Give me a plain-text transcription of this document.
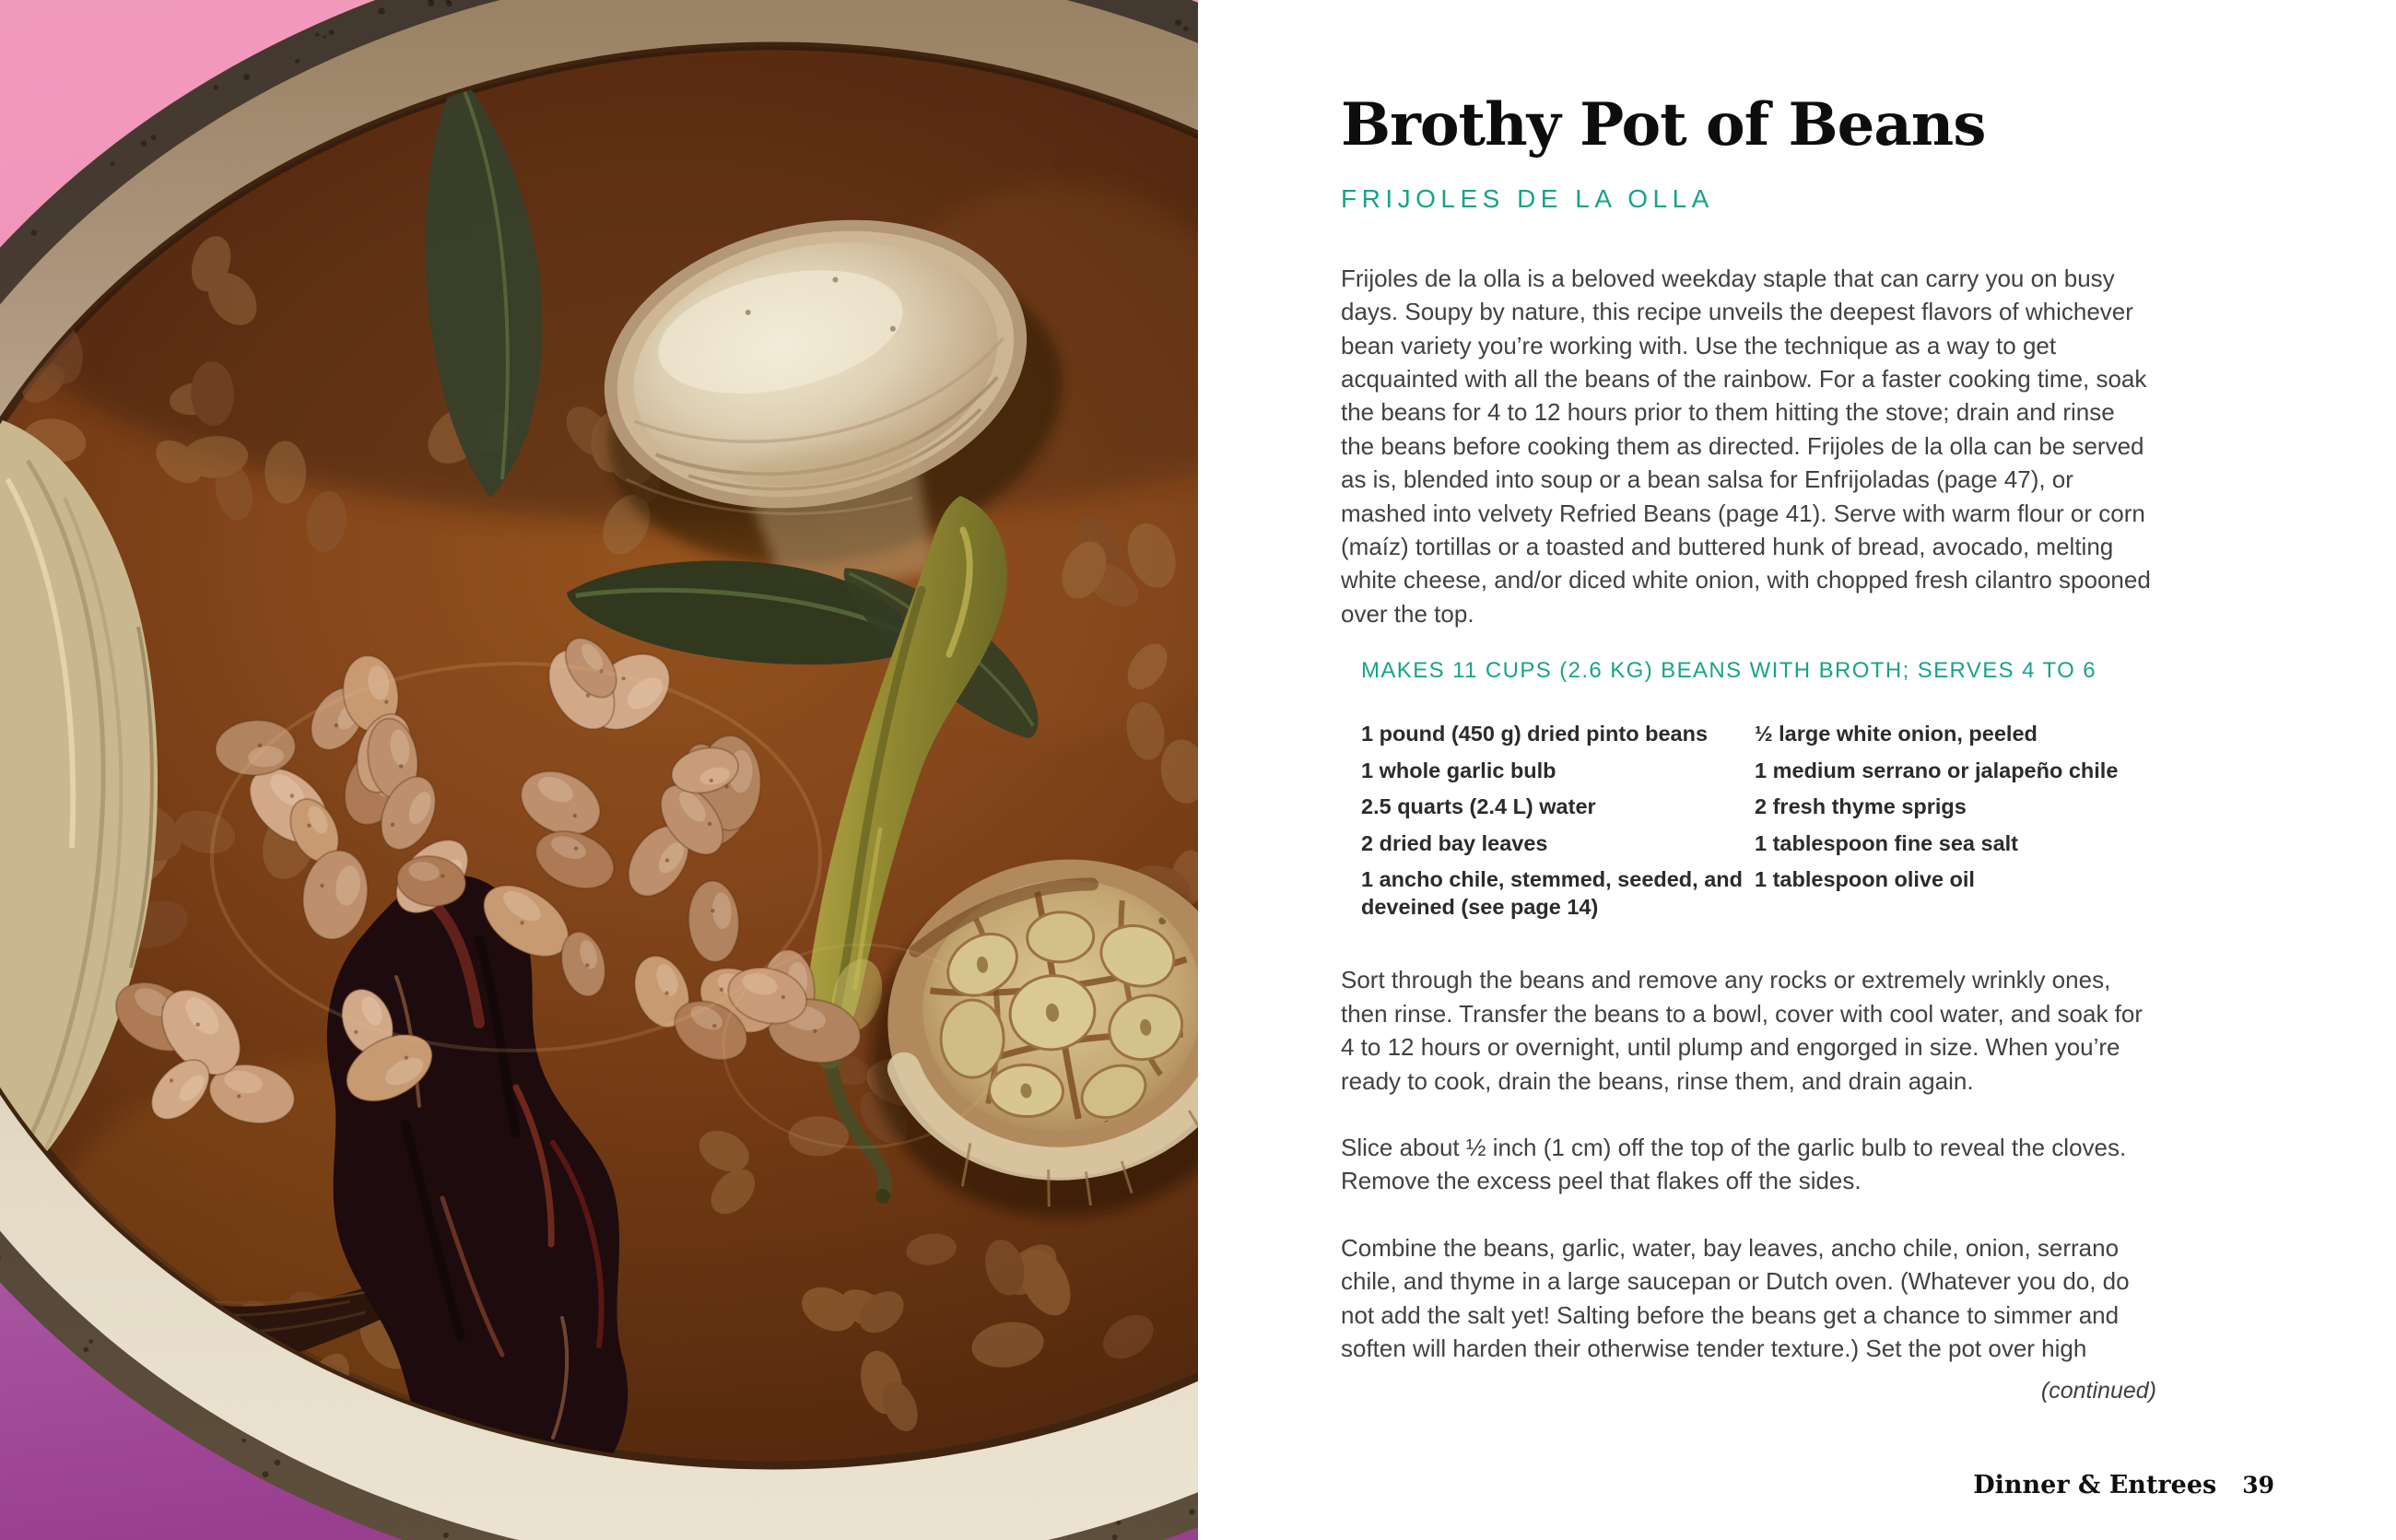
Brothy Pot of Beans
FRIJOLES DE LA OLLA

Frijoles de la olla is a beloved weekday staple that can carry you on busy days. Soupy by nature, this recipe unveils the deepest flavors of whichever bean variety you’re working with. Use the technique as a way to get acquainted with all the beans of the rainbow. For a faster cooking time, soak the beans for 4 to 12 hours prior to them hitting the stove; drain and rinse the beans before cooking them as directed. Frijoles de la olla can be served as is, blended into soup or a bean salsa for Enfrijoladas (page 47), or mashed into velvety Refried Beans (page 41). Serve with warm flour or corn (maíz) tortillas or a toasted and buttered hunk of bread, avocado, melting white cheese, and/or diced white onion, with chopped fresh cilantro spooned over the top.

MAKES 11 CUPS (2.6 KG) BEANS WITH BROTH; SERVES 4 TO 6
1 pound (450 g) dried pinto beans
1 whole garlic bulb
2.5 quarts (2.4 L) water
2 dried bay leaves
1 ancho chile, stemmed, seeded, and deveined (see page 14)
½ large white onion, peeled
1 medium serrano or jalapeño chile
2 fresh thyme sprigs
1 tablespoon fine sea salt
1 tablespoon olive oil

Sort through the beans and remove any rocks or extremely wrinkly ones, then rinse. Transfer the beans to a bowl, cover with cool water, and soak for 4 to 12 hours or overnight, until plump and engorged in size. When you’re ready to cook, drain the beans, rinse them, and drain again.

Slice about ½ inch (1 cm) off the top of the garlic bulb to reveal the cloves. Remove the excess peel that flakes off the sides.

Combine the beans, garlic, water, bay leaves, ancho chile, onion, serrano chile, and thyme in a large saucepan or Dutch oven. (Whatever you do, do not add the salt yet! Salting before the beans get a chance to simmer and soften will harden their otherwise tender texture.) Set the pot over high

(continued)
Dinner & Entrees 39
